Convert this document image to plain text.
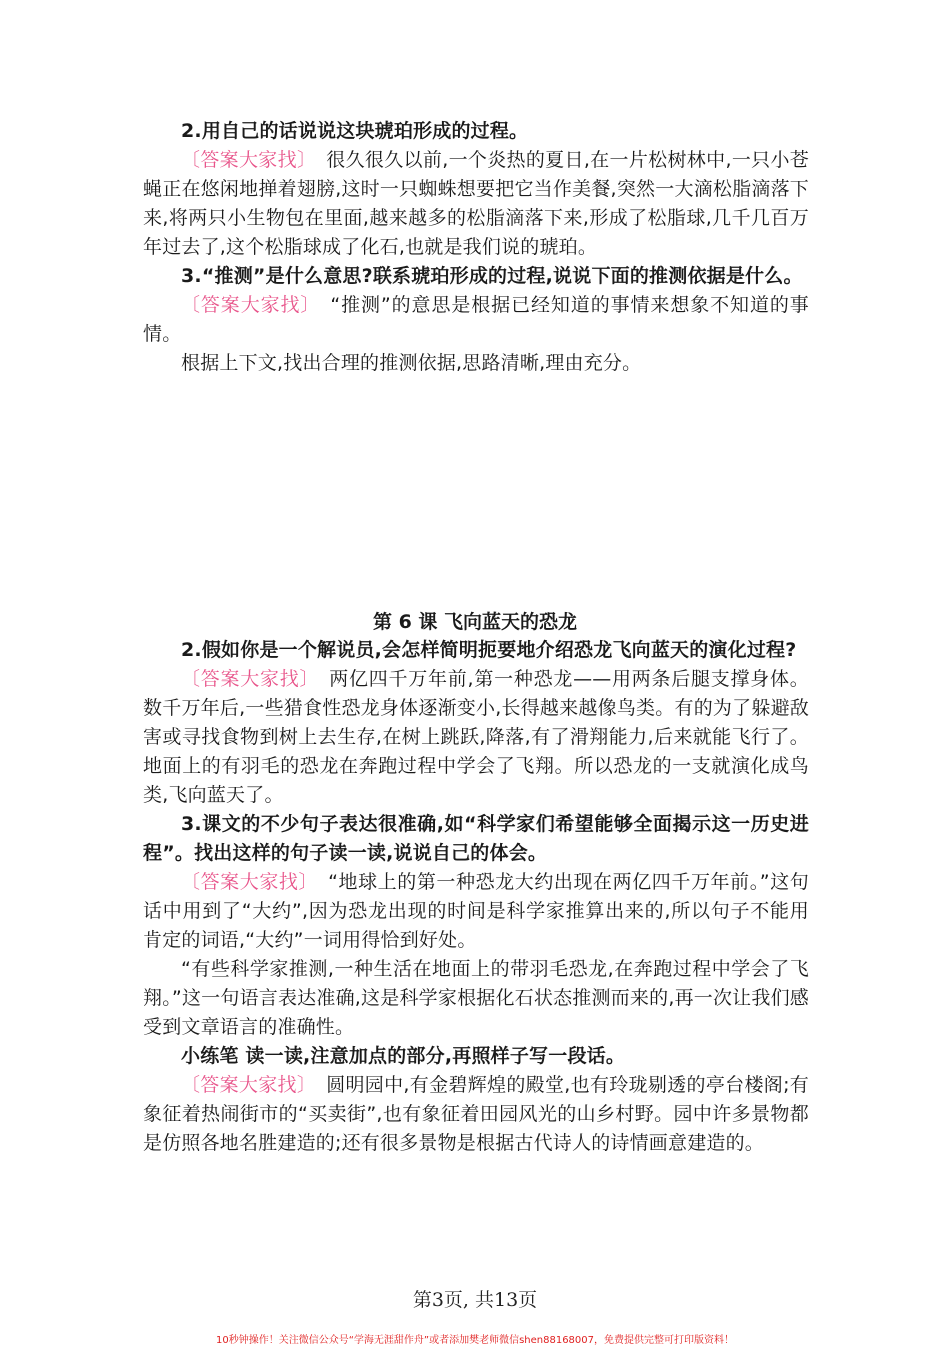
2.用自己的话说说这块琥珀形成的过程。

〔答案大家找〕 很久很久以前,一个炎热的夏日,在一片松树林中,一只小苍蝇正在悠闲地掸着翅膀,这时一只蜘蛛想要把它当作美餐,突然一大滴松脂滴落下来,将两只小生物包在里面,越来越多的松脂滴落下来,形成了松脂球,几千几百万年过去了,这个松脂球成了化石,也就是我们说的琥珀。

3.“推测”是什么意思?联系琥珀形成的过程,说说下面的推测依据是什么。

〔答案大家找〕 “推测”的意思是根据已经知道的事情来想象不知道的事情。

根据上下文,找出合理的推测依据,思路清晰,理由充分。

第 6 课 飞向蓝天的恐龙

2.假如你是一个解说员,会怎样简明扼要地介绍恐龙飞向蓝天的演化过程?

〔答案大家找〕 两亿四千万年前,第一种恐龙——用两条后腿支撑身体。数千万年后,一些猎食性恐龙身体逐渐变小,长得越来越像鸟类。有的为了躲避敌害或寻找食物到树上去生存,在树上跳跃,降落,有了滑翔能力,后来就能飞行了。地面上的有羽毛的恐龙在奔跑过程中学会了飞翔。所以恐龙的一支就演化成鸟类,飞向蓝天了。

3.课文的不少句子表达很准确,如“科学家们希望能够全面揭示这一历史进程”。找出这样的句子读一读,说说自己的体会。

〔答案大家找〕 “地球上的第一种恐龙大约出现在两亿四千万年前。”这句话中用到了“大约”,因为恐龙出现的时间是科学家推算出来的,所以句子不能用肯定的词语,“大约”一词用得恰到好处。

“有些科学家推测,一种生活在地面上的带羽毛恐龙,在奔跑过程中学会了飞翔。”这一句语言表达准确,这是科学家根据化石状态推测而来的,再一次让我们感受到文章语言的准确性。

小练笔 读一读,注意加点的部分,再照样子写一段话。

〔答案大家找〕 圆明园中,有金碧辉煌的殿堂,也有玲珑剔透的亭台楼阁;有象征着热闹街市的“买卖街”,也有象征着田园风光的山乡村野。园中许多景物都是仿照各地名胜建造的;还有很多景物是根据古代诗人的诗情画意建造的。

第3页, 共13页
10秒钟操作！关注微信公众号“学海无涯甜作舟”或者添加樊老师微信shen88168007，免费提供完整可打印版资料！
